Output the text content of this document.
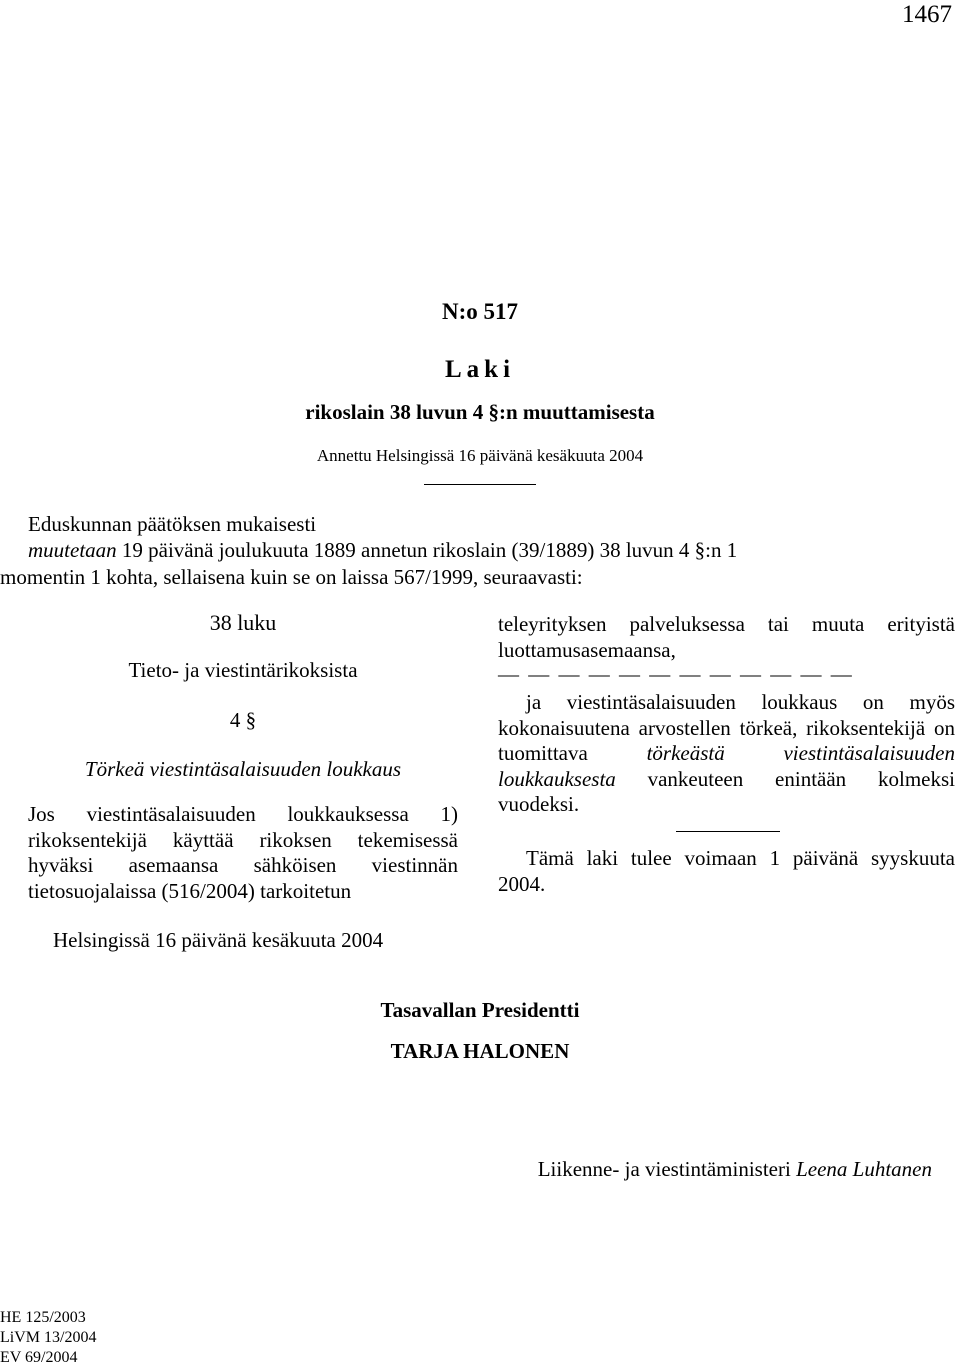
1467
N:o 517
Laki
rikoslain 38 luvun 4 §:n muuttamisesta
Annettu Helsingissä 16 päivänä kesäkuuta 2004
Eduskunnan päätöksen mukaisesti
muutetaan 19 päivänä joulukuuta 1889 annetun rikoslain (39/1889) 38 luvun 4 §:n 1
momentin 1 kohta, sellaisena kuin se on laissa 567/1999, seuraavasti:
38 luku
Tieto- ja viestintärikoksista
4 §
Törkeä viestintäsalaisuuden loukkaus
Jos viestintäsalaisuuden loukkauksessa 1) rikoksentekijä käyttää rikoksen tekemisessä hyväksi asemaansa sähköisen viestinnän tietosuojalaissa (516/2004) tarkoitetun
teleyrityksen palveluksessa tai muuta erityistä luottamusasemaansa,
— — — — — — — — — — — —
ja viestintäsalaisuuden loukkaus on myös kokonaisuutena arvostellen törkeä, rikoksentekijä on tuomittava törkeästä viestintäsalaisuuden loukkauksesta vankeuteen enintään kolmeksi vuodeksi.
Tämä laki tulee voimaan 1 päivänä syyskuuta 2004.
Helsingissä 16 päivänä kesäkuuta 2004
Tasavallan Presidentti
TARJA HALONEN
Liikenne- ja viestintäministeri Leena Luhtanen
HE 125/2003
LiVM 13/2004
EV 69/2004
